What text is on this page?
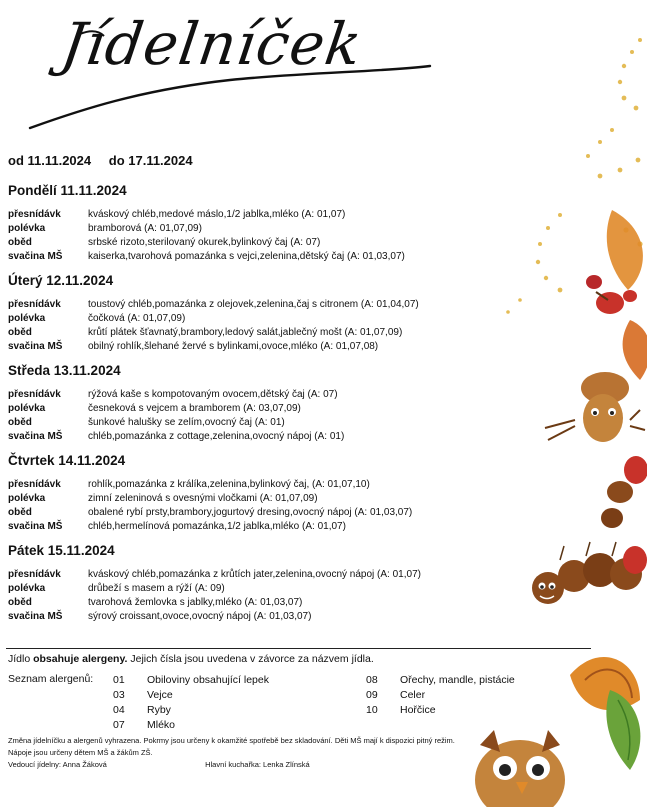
Jídelníček
od 11.11.2024 do 17.11.2024
Pondělí 11.11.2024
přesnídávk	kváskový chléb,medové máslo,1/2 jablka,mléko (A: 01,07)
polévka	bramborová (A: 01,07,09)
oběd	srbské rizoto,sterilovaný okurek,bylinkový čaj (A: 07)
svačina MŠ	kaiserka,tvarohová pomazánka s vejci,zelenina,dětský čaj (A: 01,03,07)
Úterý 12.11.2024
přesnídávk	toustový chléb,pomazánka z olejovek,zelenina,čaj s citronem (A: 01,04,07)
polévka	čočková (A: 01,07,09)
oběd	krůtí plátek šťavnatý,brambory,ledový salát,jablečný mošt (A: 01,07,09)
svačina MŠ	obilný rohlík,šlehané žervé s bylinkami,ovoce,mléko (A: 01,07,08)
Středa 13.11.2024
přesnídávk	rýžová kaše s kompotovaným ovocem,dětský čaj (A: 07)
polévka	česneková s vejcem a bramborem (A: 03,07,09)
oběd	šunkové halušky se zelím,ovocný čaj (A: 01)
svačina MŠ	chléb,pomazánka z cottage,zelenina,ovocný nápoj (A: 01)
Čtvrtek 14.11.2024
přesnídávk	rohlík,pomazánka z králíka,zelenina,bylinkový čaj, (A: 01,07,10)
polévka	zimní zeleninová s ovesnými vločkami (A: 01,07,09)
oběd	obalené rybí prsty,brambory,jogurtový dresing,ovocný nápoj (A: 01,03,07)
svačina MŠ	chléb,hermelínová pomazánka,1/2 jablka,mléko (A: 01,07)
Pátek 15.11.2024
přesnídávk	kváskový chléb,pomazánka z krůtích jater,zelenina,ovocný nápoj (A: 01,07)
polévka	drůbeží s masem a rýží (A: 09)
oběd	tvarohová žemlovka s jablky,mléko (A: 01,03,07)
svačina MŠ	sýrový croissant,ovoce,ovocný nápoj (A: 01,03,07)
Jídlo obsahuje alergeny. Jejich čísla jsou uvedena v závorce za názvem jídla.
Seznam alergenů: 01	Obiloviny obsahující lepek
03	Vejce
04	Ryby
07	Mléko
08	Ořechy, mandle, pistácie
09	Celer
10	Hořčice
Změna jídelníčku a alergenů vyhrazena. Pokrmy jsou určeny k okamžité spotřebě bez skladování. Děti MŠ mají k dispozici pitný režim.
Nápoje jsou určeny dětem MŠ a žákům ZŠ.
Vedoucí jídelny: Anna Žáková	Hlavní kuchařka: Lenka Zlínská
